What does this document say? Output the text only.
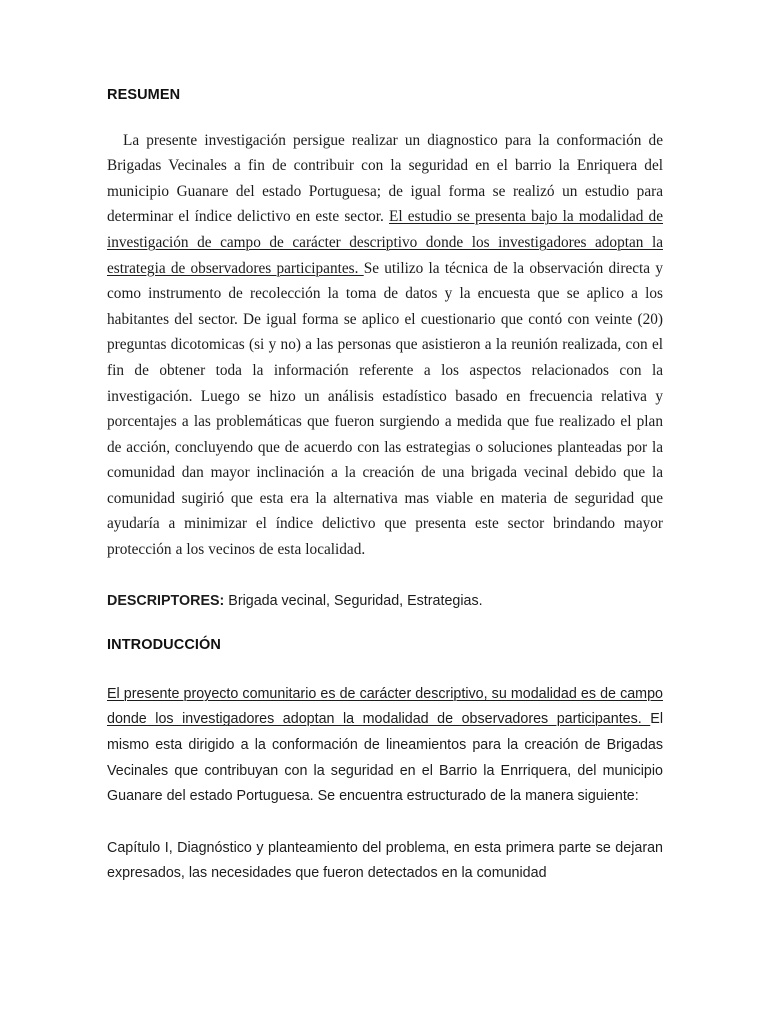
RESUMEN

La presente investigación persigue realizar un diagnostico para la conformación de Brigadas Vecinales a fin de contribuir con la seguridad en el barrio la Enriquera del municipio Guanare del estado Portuguesa; de igual forma se realizó un estudio para determinar el índice delictivo en este sector. El estudio se presenta bajo la modalidad de investigación de campo de carácter descriptivo donde los investigadores adoptan la estrategia de observadores participantes. Se utilizo la técnica de la observación directa y como instrumento de recolección la toma de datos y la encuesta que se aplico a los habitantes del sector. De igual forma se aplico el cuestionario que contó con veinte (20) preguntas dicotomicas (si y no) a las personas que asistieron a la reunión realizada, con el fin de obtener toda la información referente a los aspectos relacionados con la investigación. Luego se hizo un análisis estadístico basado en frecuencia relativa y porcentajes a las problemáticas que fueron surgiendo a medida que fue realizado el plan de acción, concluyendo que de acuerdo con las estrategias o soluciones planteadas por la comunidad dan mayor inclinación a la creación de una brigada vecinal debido que la comunidad sugirió que esta era la alternativa mas viable en materia de seguridad que ayudaría a minimizar el índice delictivo que presenta este sector brindando mayor protección a los vecinos de esta localidad.

DESCRIPTORES: Brigada vecinal, Seguridad, Estrategias.

INTRODUCCIÓN

El presente proyecto comunitario es de carácter descriptivo, su modalidad es de campo donde los investigadores adoptan la modalidad de observadores participantes. El mismo esta dirigido a la conformación de lineamientos para la creación de Brigadas Vecinales que contribuyan con la seguridad en el Barrio la Enrriquera, del municipio Guanare del estado Portuguesa. Se encuentra estructurado de la manera siguiente:

Capítulo I, Diagnóstico y planteamiento del problema, en esta primera parte se dejaran expresados, las necesidades que fueron detectados en la comunidad
